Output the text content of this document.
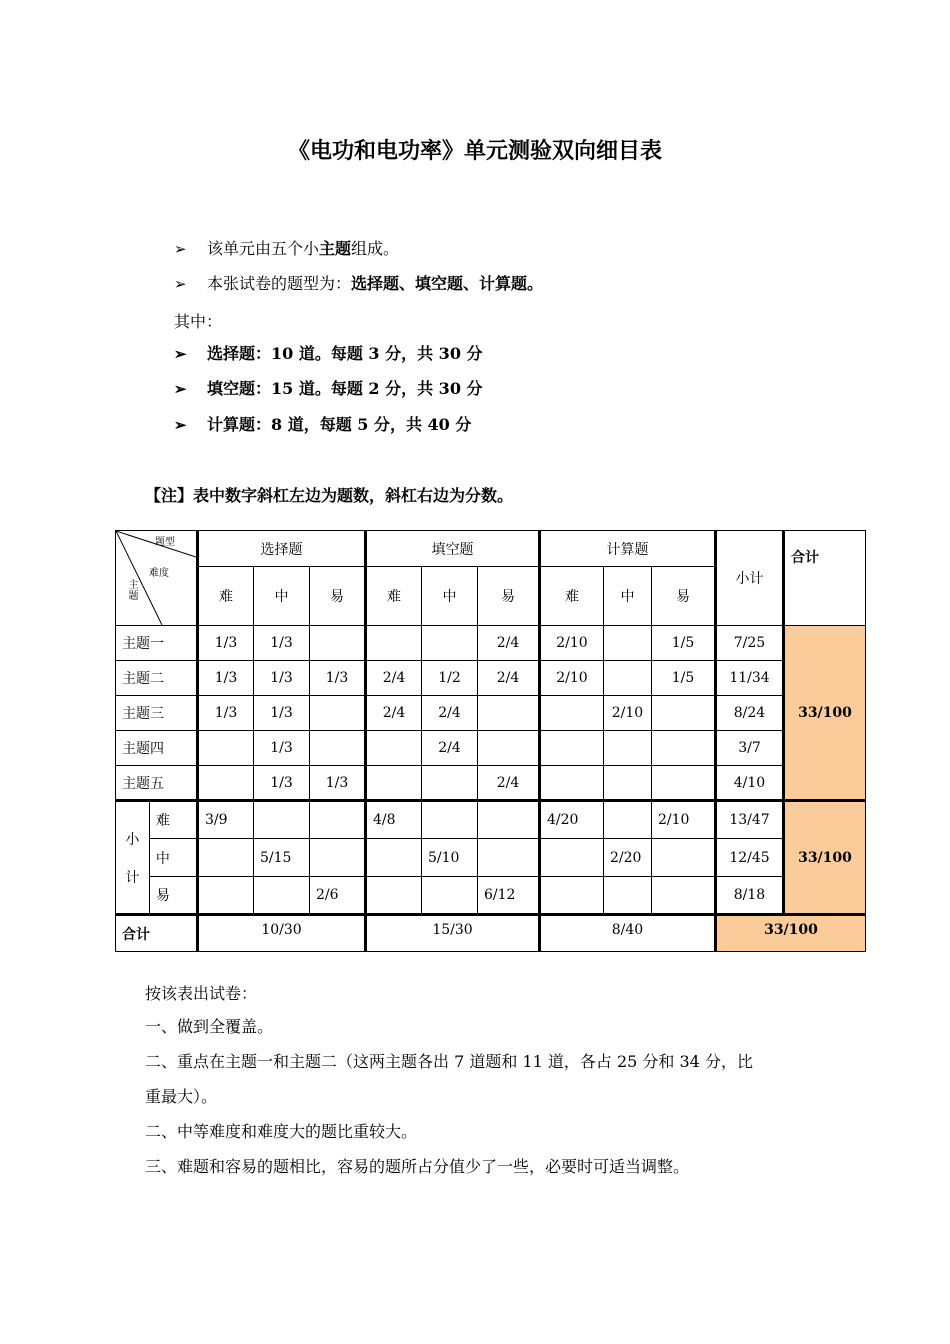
《电功和电功率》单元测验双向细目表
➢ 该单元由五个小主题组成。
➢ 本张试卷的题型为：选择题、填空题、计算题。
其中：
➢ 选择题：10 道。每题 3 分，共 30 分
➢ 填空题：15 道。每题 2 分，共 30 分
➢ 计算题：8 道，每题 5 分，共 40 分
【注】表中数字斜杠左边为题数，斜杠右边为分数。
题型
难度
主题		选择题			填空题			计算题			小计	合计
		难	中	易	难	中	易	难	中	易		
主题一		1/3	1/3				2/4	2/10		1/5	7/25	33/100
主题二		1/3	1/3	1/3	2/4	1/2	2/4	2/10		1/5	11/34	
主题三		1/3	1/3		2/4	2/4			2/10		8/24	
主题四			1/3			2/4					3/7	
主题五			1/3	1/3			2/4				4/10	

小
计	难	3/9			4/8			4/20		2/10	13/47	33/100
	中		5/15			5/10			2/20		12/45	
	易			2/6			6/12				8/18	
合计		10/30			15/30			8/40			33/100	
按该表出试卷：
一、做到全覆盖。
二、重点在主题一和主题二（这两主题各出 7 道题和 11 道，各占 25 分和 34 分，比
重最大）。
二、中等难度和难度大的题比重较大。
三、难题和容易的题相比，容易的题所占分值少了一些，必要时可适当调整。
